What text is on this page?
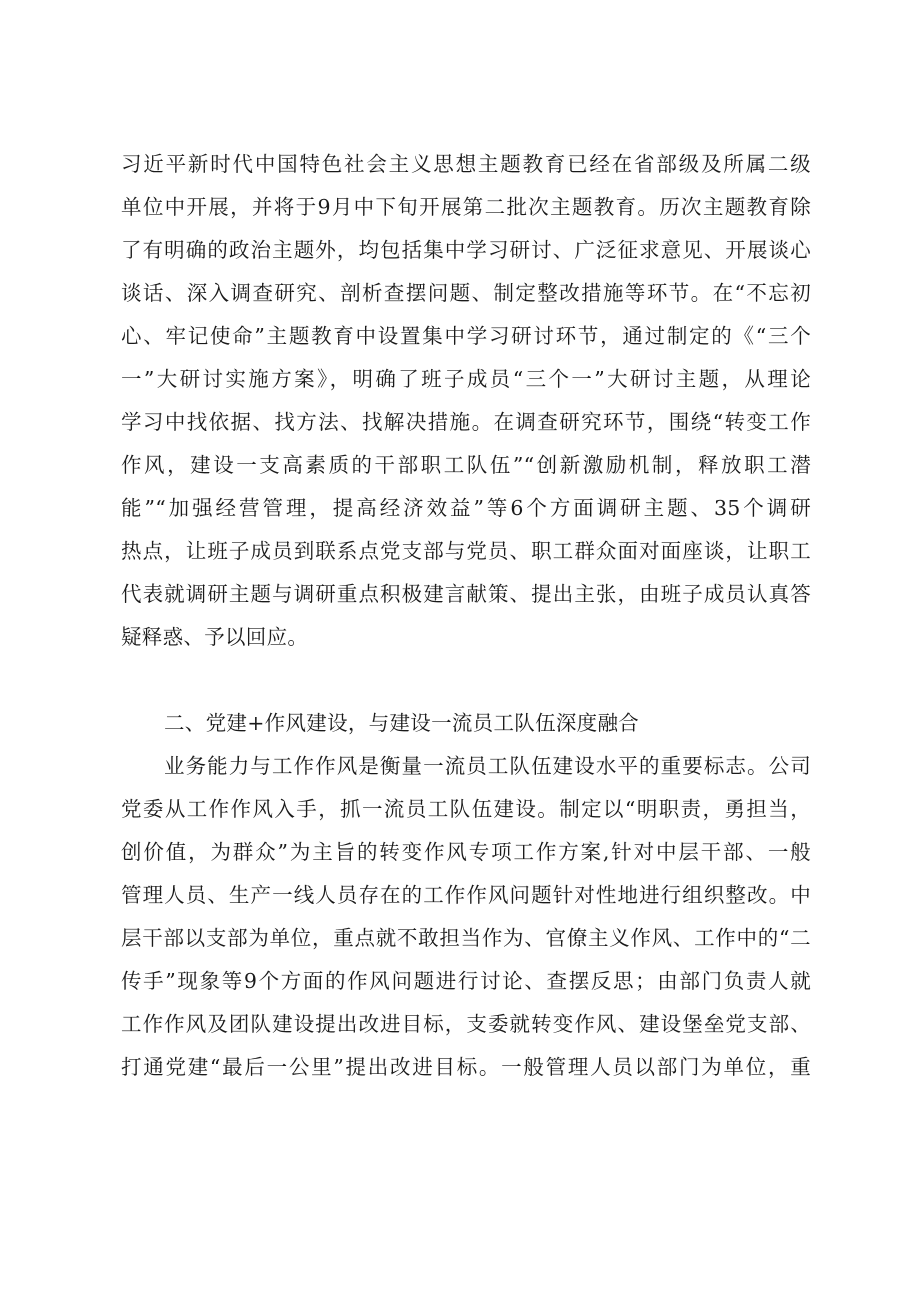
习近平新时代中国特色社会主义思想主题教育已经在省部级及所属二级
单位中开展，并将于9月中下旬开展第二批次主题教育。历次主题教育除
了有明确的政治主题外，均包括集中学习研讨、广泛征求意见、开展谈心
谈话、深入调查研究、剖析查摆问题、制定整改措施等环节。在“不忘初
心、牢记使命”主题教育中设置集中学习研讨环节，通过制定的《“三个
一”大研讨实施方案》，明确了班子成员“三个一”大研讨主题，从理论
学习中找依据、找方法、找解决措施。在调查研究环节，围绕“转变工作
作风，建设一支高素质的干部职工队伍”“创新激励机制，释放职工潜
能”“加强经营管理，提高经济效益”等6个方面调研主题、35个调研
热点，让班子成员到联系点党支部与党员、职工群众面对面座谈，让职工
代表就调研主题与调研重点积极建言献策、提出主张，由班子成员认真答
疑释惑、予以回应。
二、党建+作风建设，与建设一流员工队伍深度融合
业务能力与工作作风是衡量一流员工队伍建设水平的重要标志。公司
党委从工作作风入手，抓一流员工队伍建设。制定以“明职责，勇担当，
创价值，为群众”为主旨的转变作风专项工作方案,针对中层干部、一般
管理人员、生产一线人员存在的工作作风问题针对性地进行组织整改。中
层干部以支部为单位，重点就不敢担当作为、官僚主义作风、工作中的“二
传手”现象等9个方面的作风问题进行讨论、查摆反思；由部门负责人就
工作作风及团队建设提出改进目标，支委就转变作风、建设堡垒党支部、
打通党建“最后一公里”提出改进目标。一般管理人员以部门为单位，重
